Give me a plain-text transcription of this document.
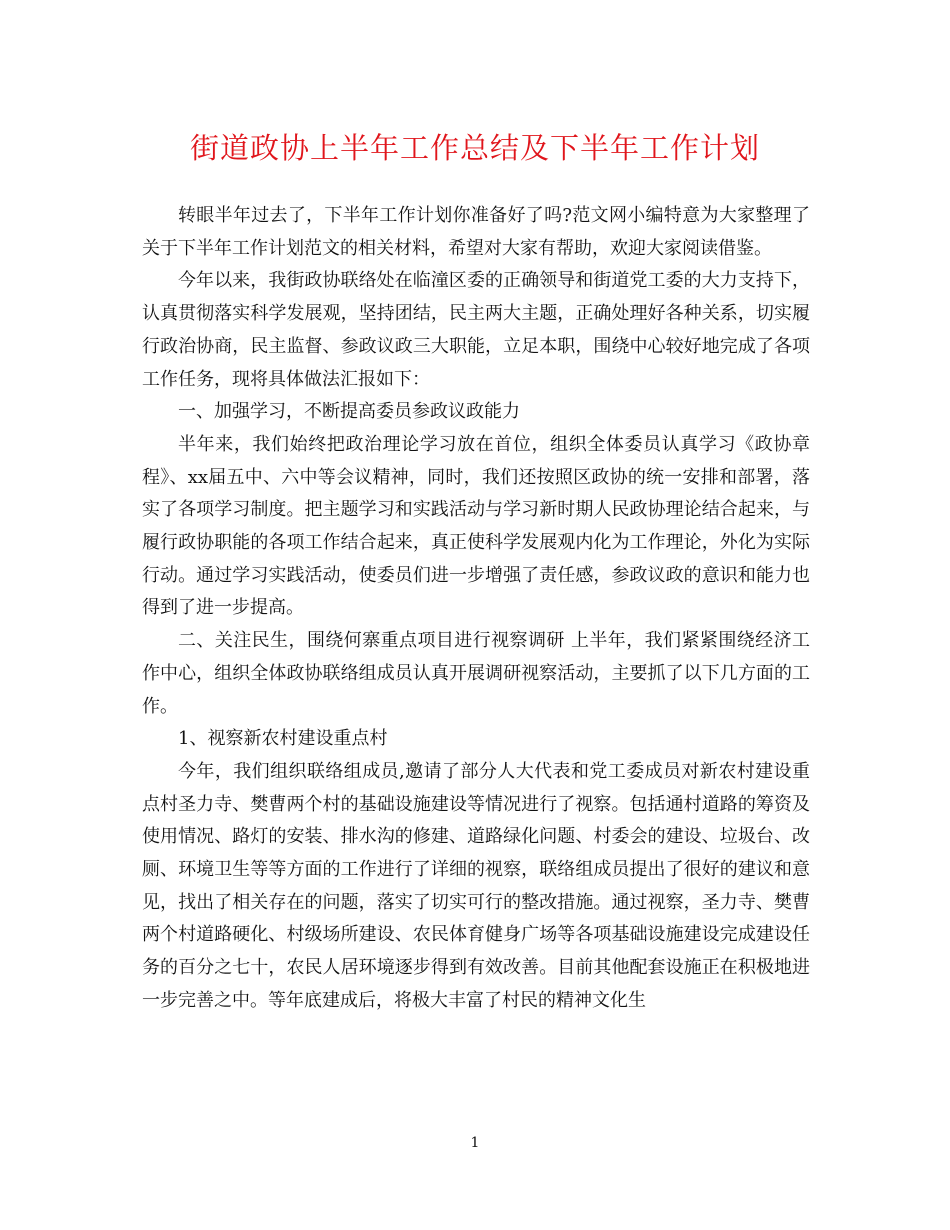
街道政协上半年工作总结及下半年工作计划

转眼半年过去了，下半年工作计划你准备好了吗?范文网小编特意为大家整理了关于下半年工作计划范文的相关材料，希望对大家有帮助，欢迎大家阅读借鉴。

今年以来，我街政协联络处在临潼区委的正确领导和街道党工委的大力支持下，认真贯彻落实科学发展观，坚持团结，民主两大主题，正确处理好各种关系，切实履行政治协商，民主监督、参政议政三大职能，立足本职，围绕中心较好地完成了各项工作任务，现将具体做法汇报如下：

一、加强学习，不断提高委员参政议政能力

半年来，我们始终把政治理论学习放在首位，组织全体委员认真学习《政协章程》、xx届五中、六中等会议精神，同时，我们还按照区政协的统一安排和部署，落实了各项学习制度。把主题学习和实践活动与学习新时期人民政协理论结合起来，与履行政协职能的各项工作结合起来，真正使科学发展观内化为工作理论，外化为实际行动。通过学习实践活动，使委员们进一步增强了责任感，参政议政的意识和能力也得到了进一步提高。

二、关注民生，围绕何寨重点项目进行视察调研 上半年，我们紧紧围绕经济工作中心，组织全体政协联络组成员认真开展调研视察活动，主要抓了以下几方面的工作。

1、视察新农村建设重点村

今年，我们组织联络组成员,邀请了部分人大代表和党工委成员对新农村建设重点村圣力寺、樊曹两个村的基础设施建设等情况进行了视察。包括通村道路的筹资及使用情况、路灯的安装、排水沟的修建、道路绿化问题、村委会的建设、垃圾台、改厕、环境卫生等等方面的工作进行了详细的视察，联络组成员提出了很好的建议和意见，找出了相关存在的问题，落实了切实可行的整改措施。通过视察，圣力寺、樊曹两个村道路硬化、村级场所建设、农民体育健身广场等各项基础设施建设完成建设任务的百分之七十，农民人居环境逐步得到有效改善。目前其他配套设施正在积极地进一步完善之中。等年底建成后，将极大丰富了村民的精神文化生

1
